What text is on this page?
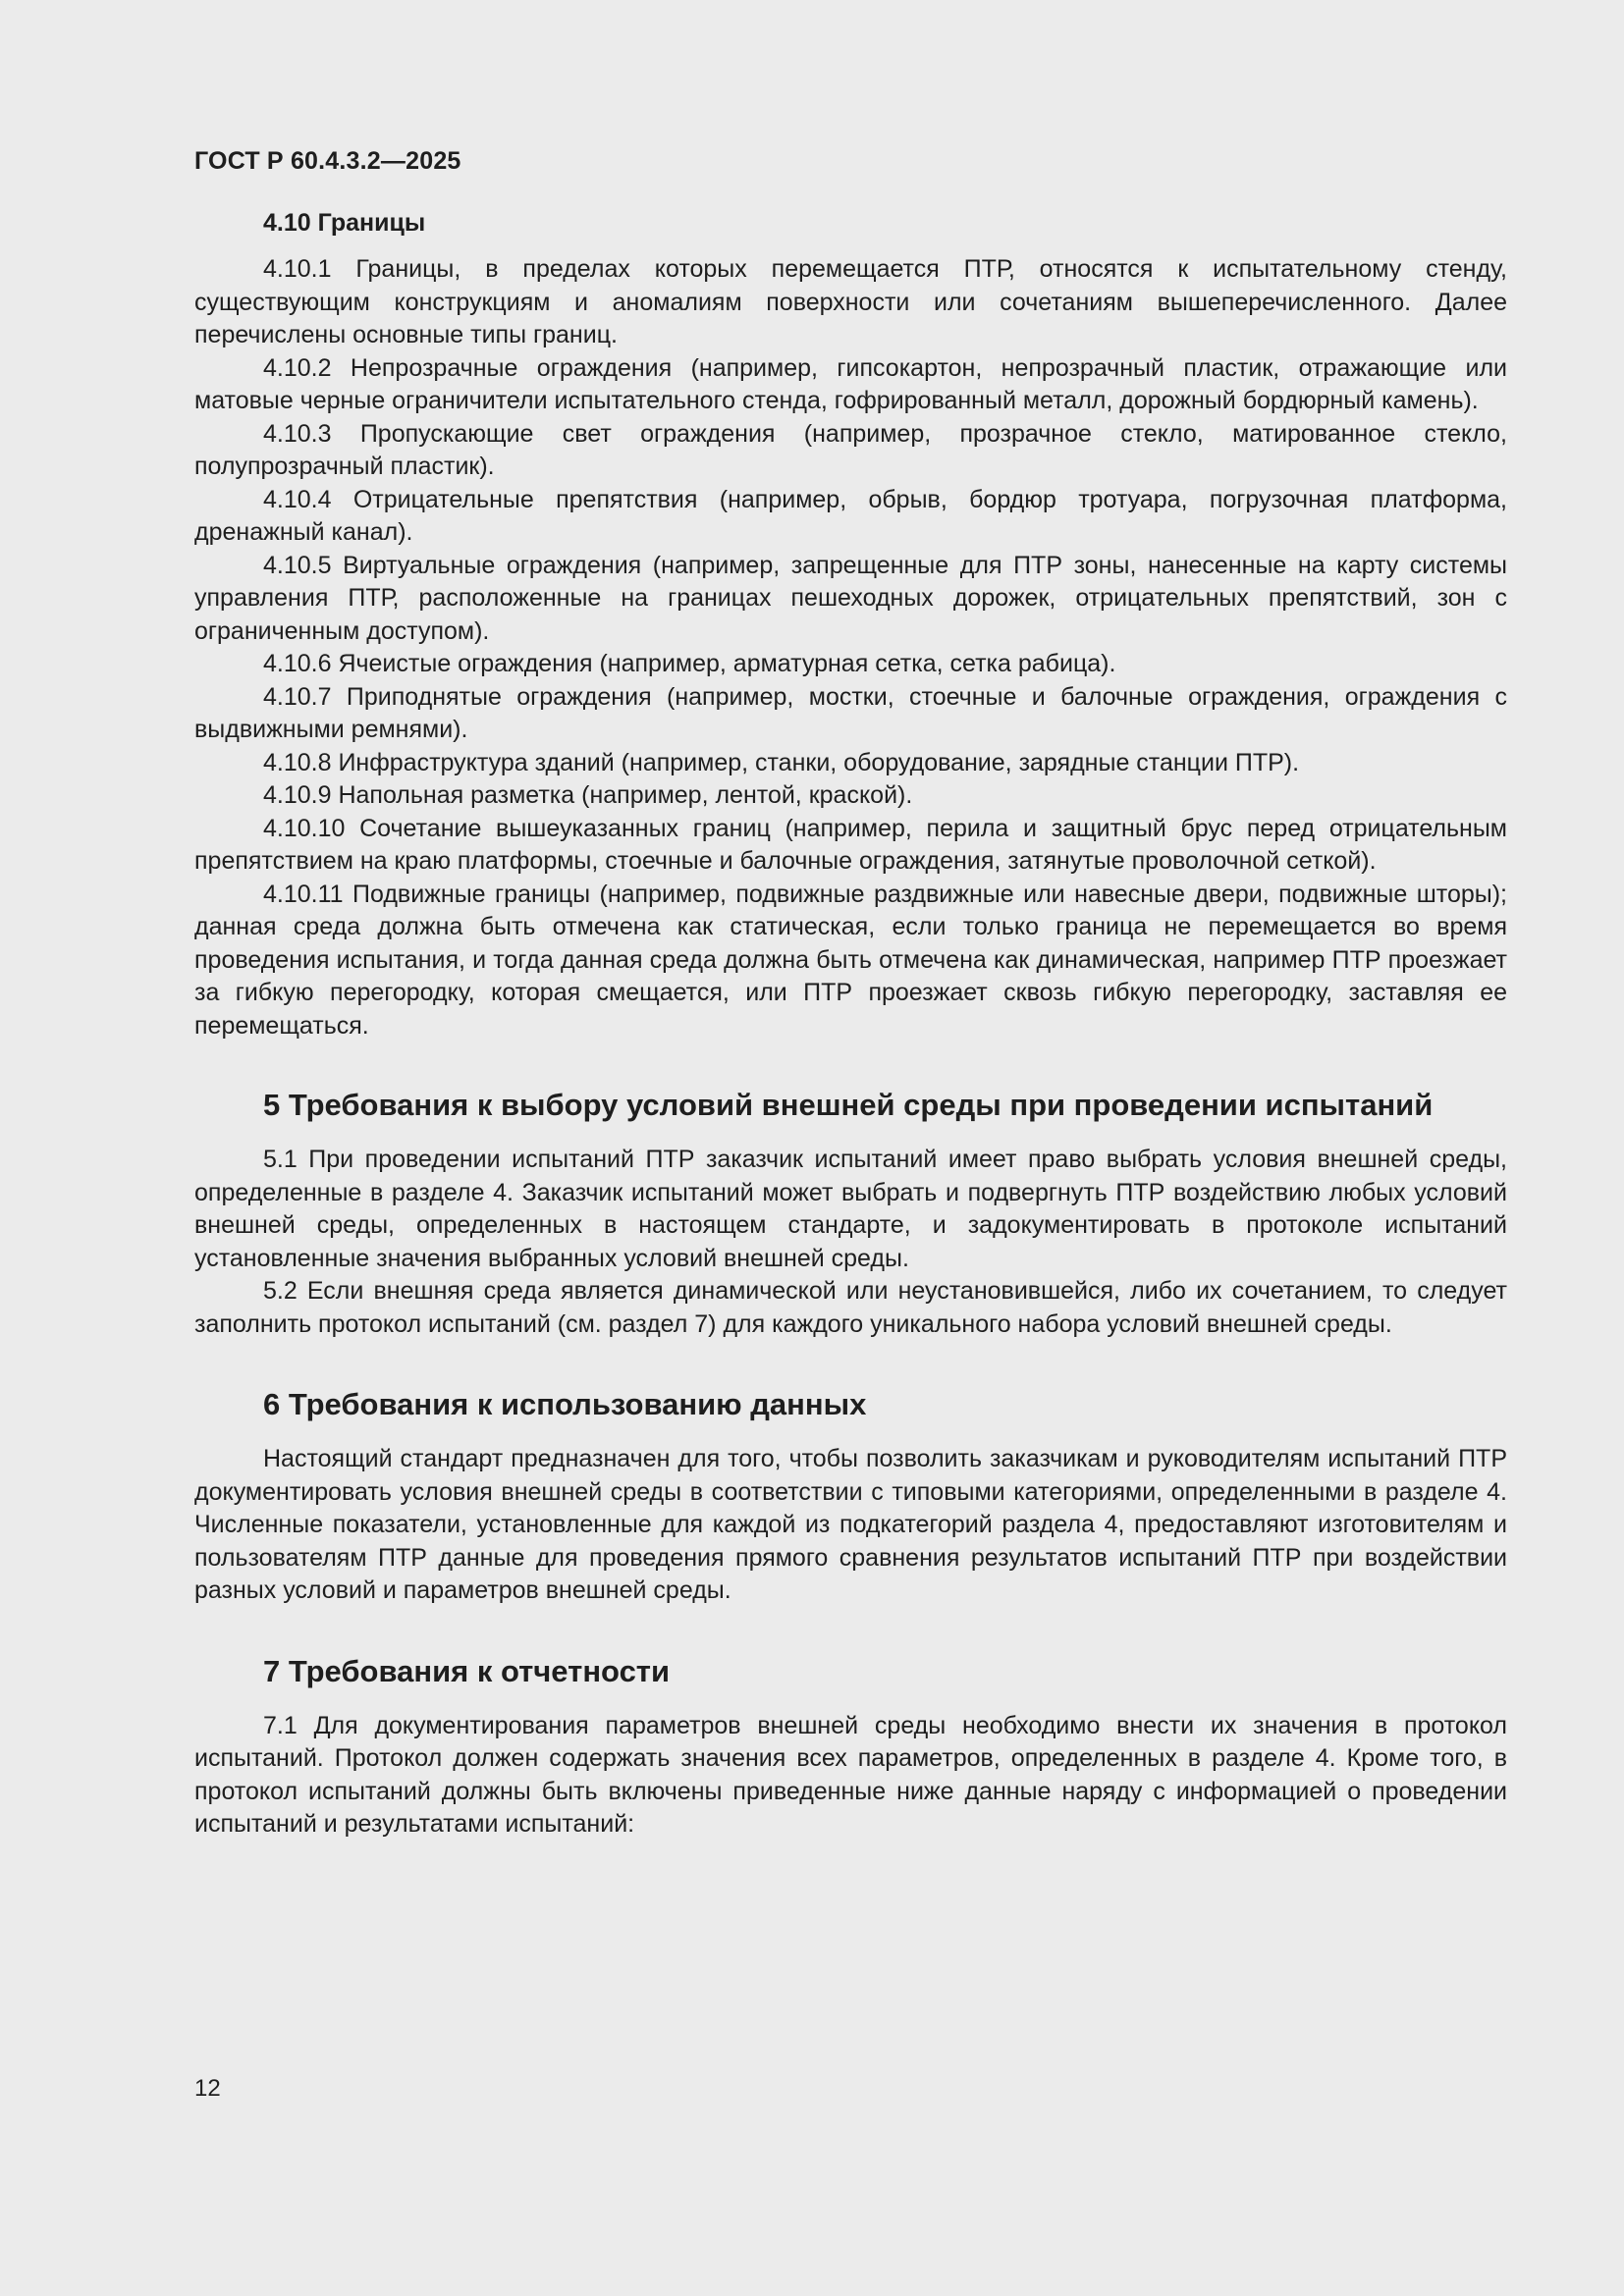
ГОСТ Р 60.4.3.2—2025
4.10 Границы

4.10.1 Границы, в пределах которых перемещается ПТР, относятся к испытательному стенду, существующим конструкциям и аномалиям поверхности или сочетаниям вышеперечисленного. Далее перечислены основные типы границ.

4.10.2 Непрозрачные ограждения (например, гипсокартон, непрозрачный пластик, отражающие или матовые черные ограничители испытательного стенда, гофрированный металл, дорожный бордюрный камень).

4.10.3 Пропускающие свет ограждения (например, прозрачное стекло, матированное стекло, полупрозрачный пластик).

4.10.4 Отрицательные препятствия (например, обрыв, бордюр тротуара, погрузочная платформа, дренажный канал).

4.10.5 Виртуальные ограждения (например, запрещенные для ПТР зоны, нанесенные на карту системы управления ПТР, расположенные на границах пешеходных дорожек, отрицательных препятствий, зон с ограниченным доступом).

4.10.6 Ячеистые ограждения (например, арматурная сетка, сетка рабица).

4.10.7 Приподнятые ограждения (например, мостки, стоечные и балочные ограждения, ограждения с выдвижными ремнями).

4.10.8 Инфраструктура зданий (например, станки, оборудование, зарядные станции ПТР).

4.10.9 Напольная разметка (например, лентой, краской).

4.10.10 Сочетание вышеуказанных границ (например, перила и защитный брус перед отрицательным препятствием на краю платформы, стоечные и балочные ограждения, затянутые проволочной сеткой).

4.10.11 Подвижные границы (например, подвижные раздвижные или навесные двери, подвижные шторы); данная среда должна быть отмечена как статическая, если только граница не перемещается во время проведения испытания, и тогда данная среда должна быть отмечена как динамическая, например ПТР проезжает за гибкую перегородку, которая смещается, или ПТР проезжает сквозь гибкую перегородку, заставляя ее перемещаться.

5 Требования к выбору условий внешней среды при проведении испытаний

5.1 При проведении испытаний ПТР заказчик испытаний имеет право выбрать условия внешней среды, определенные в разделе 4. Заказчик испытаний может выбрать и подвергнуть ПТР воздействию любых условий внешней среды, определенных в настоящем стандарте, и задокументировать в протоколе испытаний установленные значения выбранных условий внешней среды.

5.2 Если внешняя среда является динамической или неустановившейся, либо их сочетанием, то следует заполнить протокол испытаний (см. раздел 7) для каждого уникального набора условий внешней среды.

6 Требования к использованию данных

Настоящий стандарт предназначен для того, чтобы позволить заказчикам и руководителям испытаний ПТР документировать условия внешней среды в соответствии с типовыми категориями, определенными в разделе 4. Численные показатели, установленные для каждой из подкатегорий раздела 4, предоставляют изготовителям и пользователям ПТР данные для проведения прямого сравнения результатов испытаний ПТР при воздействии разных условий и параметров внешней среды.

7 Требования к отчетности

7.1 Для документирования параметров внешней среды необходимо внести их значения в протокол испытаний. Протокол должен содержать значения всех параметров, определенных в разделе 4. Кроме того, в протокол испытаний должны быть включены приведенные ниже данные наряду с информацией о проведении испытаний и результатами испытаний:

12
